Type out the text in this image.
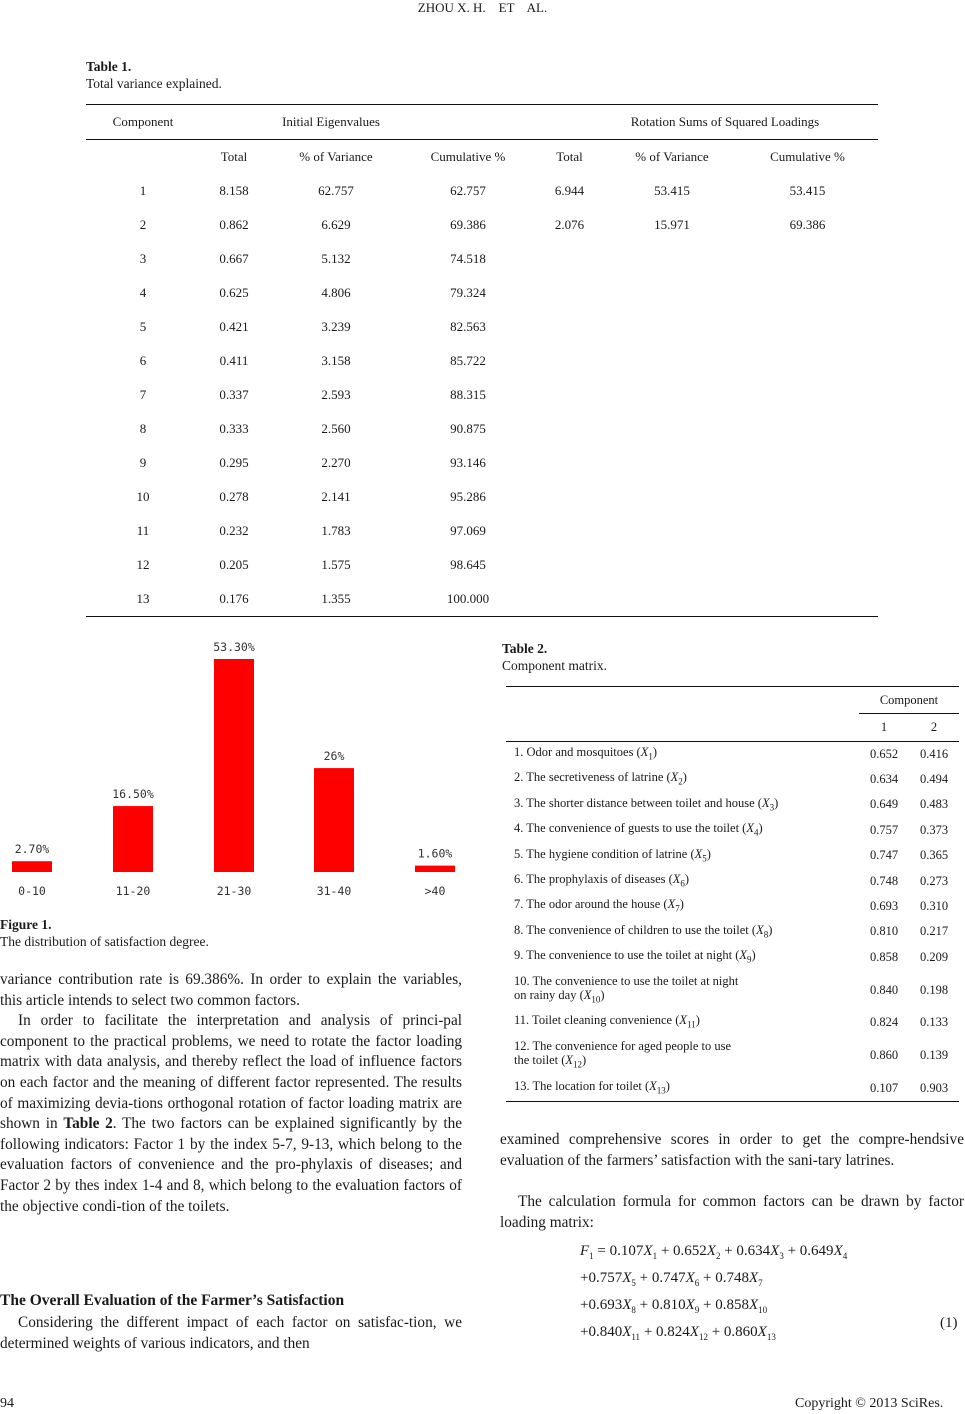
ZHOU X. H.    ET    AL.
Table 1.
Total variance explained.
Component	Initial Eigenvalues			Rotation Sums of Squared Loadings		
	Total	% of Variance	Cumulative %	Total	% of Variance	Cumulative %
1	8.158	62.757	62.757	6.944	53.415	53.415
2	0.862	6.629	69.386	2.076	15.971	69.386
3	0.667	5.132	74.518			
4	0.625	4.806	79.324			
5	0.421	3.239	82.563			
6	0.411	3.158	85.722			
7	0.337	2.593	88.315			
8	0.333	2.560	90.875			
9	0.295	2.270	93.146			
10	0.278	2.141	95.286			
11	0.232	1.783	97.069			
12	0.205	1.575	98.645			
13	0.176	1.355	100.000			
2.70%
0-10
16.50%
11-20
53.30%
21-30
26%
31-40
1.60%
>40
Figure 1.
The distribution of satisfaction degree.
Table 2.
Component matrix.
	Component	
	1	2
1. Odor and mosquitoes $(X_1)$	0.652	0.416
2. The secretiveness of latrine $(X_2)$	0.634	0.494
3. The shorter distance between toilet and house $(X_3)$	0.649	0.483
4. The convenience of guests to use the toilet $(X_4)$	0.757	0.373
5. The hygiene condition of latrine $(X_5)$	0.747	0.365
6. The prophylaxis of diseases $(X_6)$	0.748	0.273
7. The odor around the house $(X_7)$	0.693	0.310
8. The convenience of children to use the toilet $(X_8)$	0.810	0.217
9. The convenience to use the toilet at night $(X_9)$	0.858	0.209
10. The convenience to use the toilet at night
on rainy day $(X_{10})$	0.840	0.198
11. Toilet cleaning convenience $(X_{11})$	0.824	0.133
12. The convenience for aged people to use
the toilet $(X_{12})$	0.860	0.139
13. The location for toilet $(X_{13})$	0.107	0.903
variance contribution rate is 69.386%. In order to explain the variables, this article intends to select two common factors.
In order to facilitate the interpretation and analysis of princi-pal component to the practical problems, we need to rotate the factor loading matrix with data analysis, and thereby reflect the load of influence factors on each factor and the meaning of different factor represented. The results of maximizing devia-tions orthogonal rotation of factor loading matrix are shown in Table 2. The two factors can be explained significantly by the following indicators: Factor 1 by the index 5-7, 9-13, which belong to the evaluation factors of convenience and the pro-phylaxis of diseases; and Factor 2 by thes index 1-4 and 8, which belong to the evaluation factors of the objective condi-tion of the toilets.
The Overall Evaluation of the Farmer’s Satisfaction
Considering the different impact of each factor on satisfac-tion, we determined weights of various indicators, and then
examined comprehensive scores in order to get the compre-hendsive evaluation of the farmers’ satisfaction with the sani-tary latrines.
The calculation formula for common factors can be drawn by factor loading matrix:
$F_1 = 0.107X_1 + 0.652X_2 + 0.634X_3 + 0.649X_4$
$+0.757X_5 + 0.747X_6 + 0.748X_7$
$+0.693X_8 + 0.810X_9 + 0.858X_{10}$
$+0.840X_{11} + 0.824X_{12} + 0.860X_{13}$
(1)
94	Copyright © 2013 SciRes.
